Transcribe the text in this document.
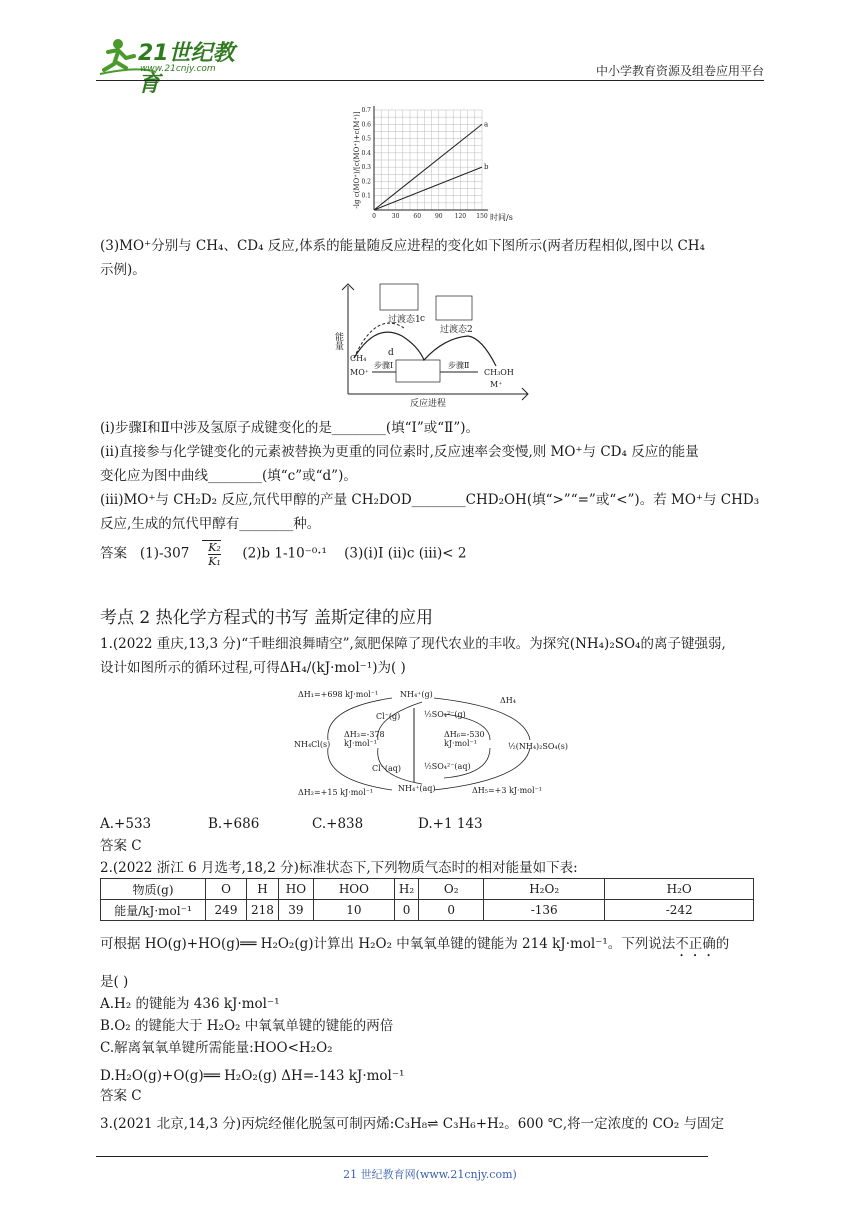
21世纪教育
www.21cnjy.com	中小学教育资源及组卷应用平台
-lg c(MO⁺)/[c(MO⁺)+c(M⁺)]
0.7
0.6
0.5
0.4
0.3
0.2
0.1
0	30 60 90 120 150
a
b
时间/s
(3)MO⁺分别与 CH₄、CD₄ 反应,体系的能量随反应进程的变化如下图所示(两者历程相似,图中以 CH₄
示例)。
能量
过渡态1
过渡态2
c
d
CH₄
MO⁺
步骤Ⅰ	步骤Ⅱ
CH₃OH
M⁺
反应进程
(ⅰ)步骤Ⅰ和Ⅱ中涉及氢原子成键变化的是________(填“Ⅰ”或“Ⅱ”)。
(ⅱ)直接参与化学键变化的元素被替换为更重的同位素时,反应速率会变慢,则 MO⁺与 CD₄ 反应的能量
变化应为图中曲线________(填“c”或“d”)。
(ⅲ)MO⁺与 CH₂D₂ 反应,氘代甲醇的产量 CH₂DOD________CHD₂OH(填“>”“=”或“<”)。若 MO⁺与 CHD₃
反应,生成的氘代甲醇有________种。
答案 $(1)-307 \frac{\text{K₂}}{\text{K₁}} (2)b$ 1-10⁻⁰·¹ (3)(ⅰ)Ⅰ (ⅱ)c (ⅲ)< 2
考点 2 热化学方程式的书写 盖斯定律的应用
1.(2022 重庆,13,3 分)“千畦细浪舞晴空”,氮肥保障了现代农业的丰收。为探究(NH₄)₂SO₄的离子键强弱,
设计如图所示的循环过程,可得ΔH₄/(kJ·mol⁻¹)为( )
ΔH₁=+698 kJ·mol⁻¹	NH₄⁺(g)
ΔH₄
Cl⁻(g)	½SO₄²⁻(g)
ΔH₃=-378 kJ·mol⁻¹
ΔH₆=-530 kJ·mol⁻¹
NH₄Cl(s)	½(NH₄)₂SO₄(s)
Cl⁻(aq)	½SO₄²⁻(aq)
ΔH₂=+15 kJ·mol⁻¹	NH₄⁺(aq)	ΔH₅=+3 kJ·mol⁻¹
A.+533	B.+686	C.+838	D.+1 143
答案 C
2.(2022 浙江 6 月选考,18,2 分)标准状态下,下列物质气态时的相对能量如下表:
物质(g)	O	H	HO	HOO	H₂	O₂	H₂O₂	H₂O
能量/kJ·mol⁻¹	249	218	39	10	0	0	-136	-242
可根据 HO(g)+HO(g)══ H₂O₂(g)计算出 H₂O₂ 中氧氧单键的键能为 214 kJ·mol⁻¹。下列说法不正确的
是( )
A.H₂ 的键能为 436 kJ·mol⁻¹
B.O₂ 的键能大于 H₂O₂ 中氧氧单键的键能的两倍
C.解离氧氧单键所需能量:HOO<H₂O₂
D.H₂O(g)+O(g)══ H₂O₂(g) ΔH=-143 kJ·mol⁻¹
答案 C
3.(2021 北京,14,3 分)丙烷经催化脱氢可制丙烯:C₃H₈⇌ C₃H₆+H₂。600 ℃,将一定浓度的 CO₂ 与固定
21 世纪教育网(www.21cnjy.com)
